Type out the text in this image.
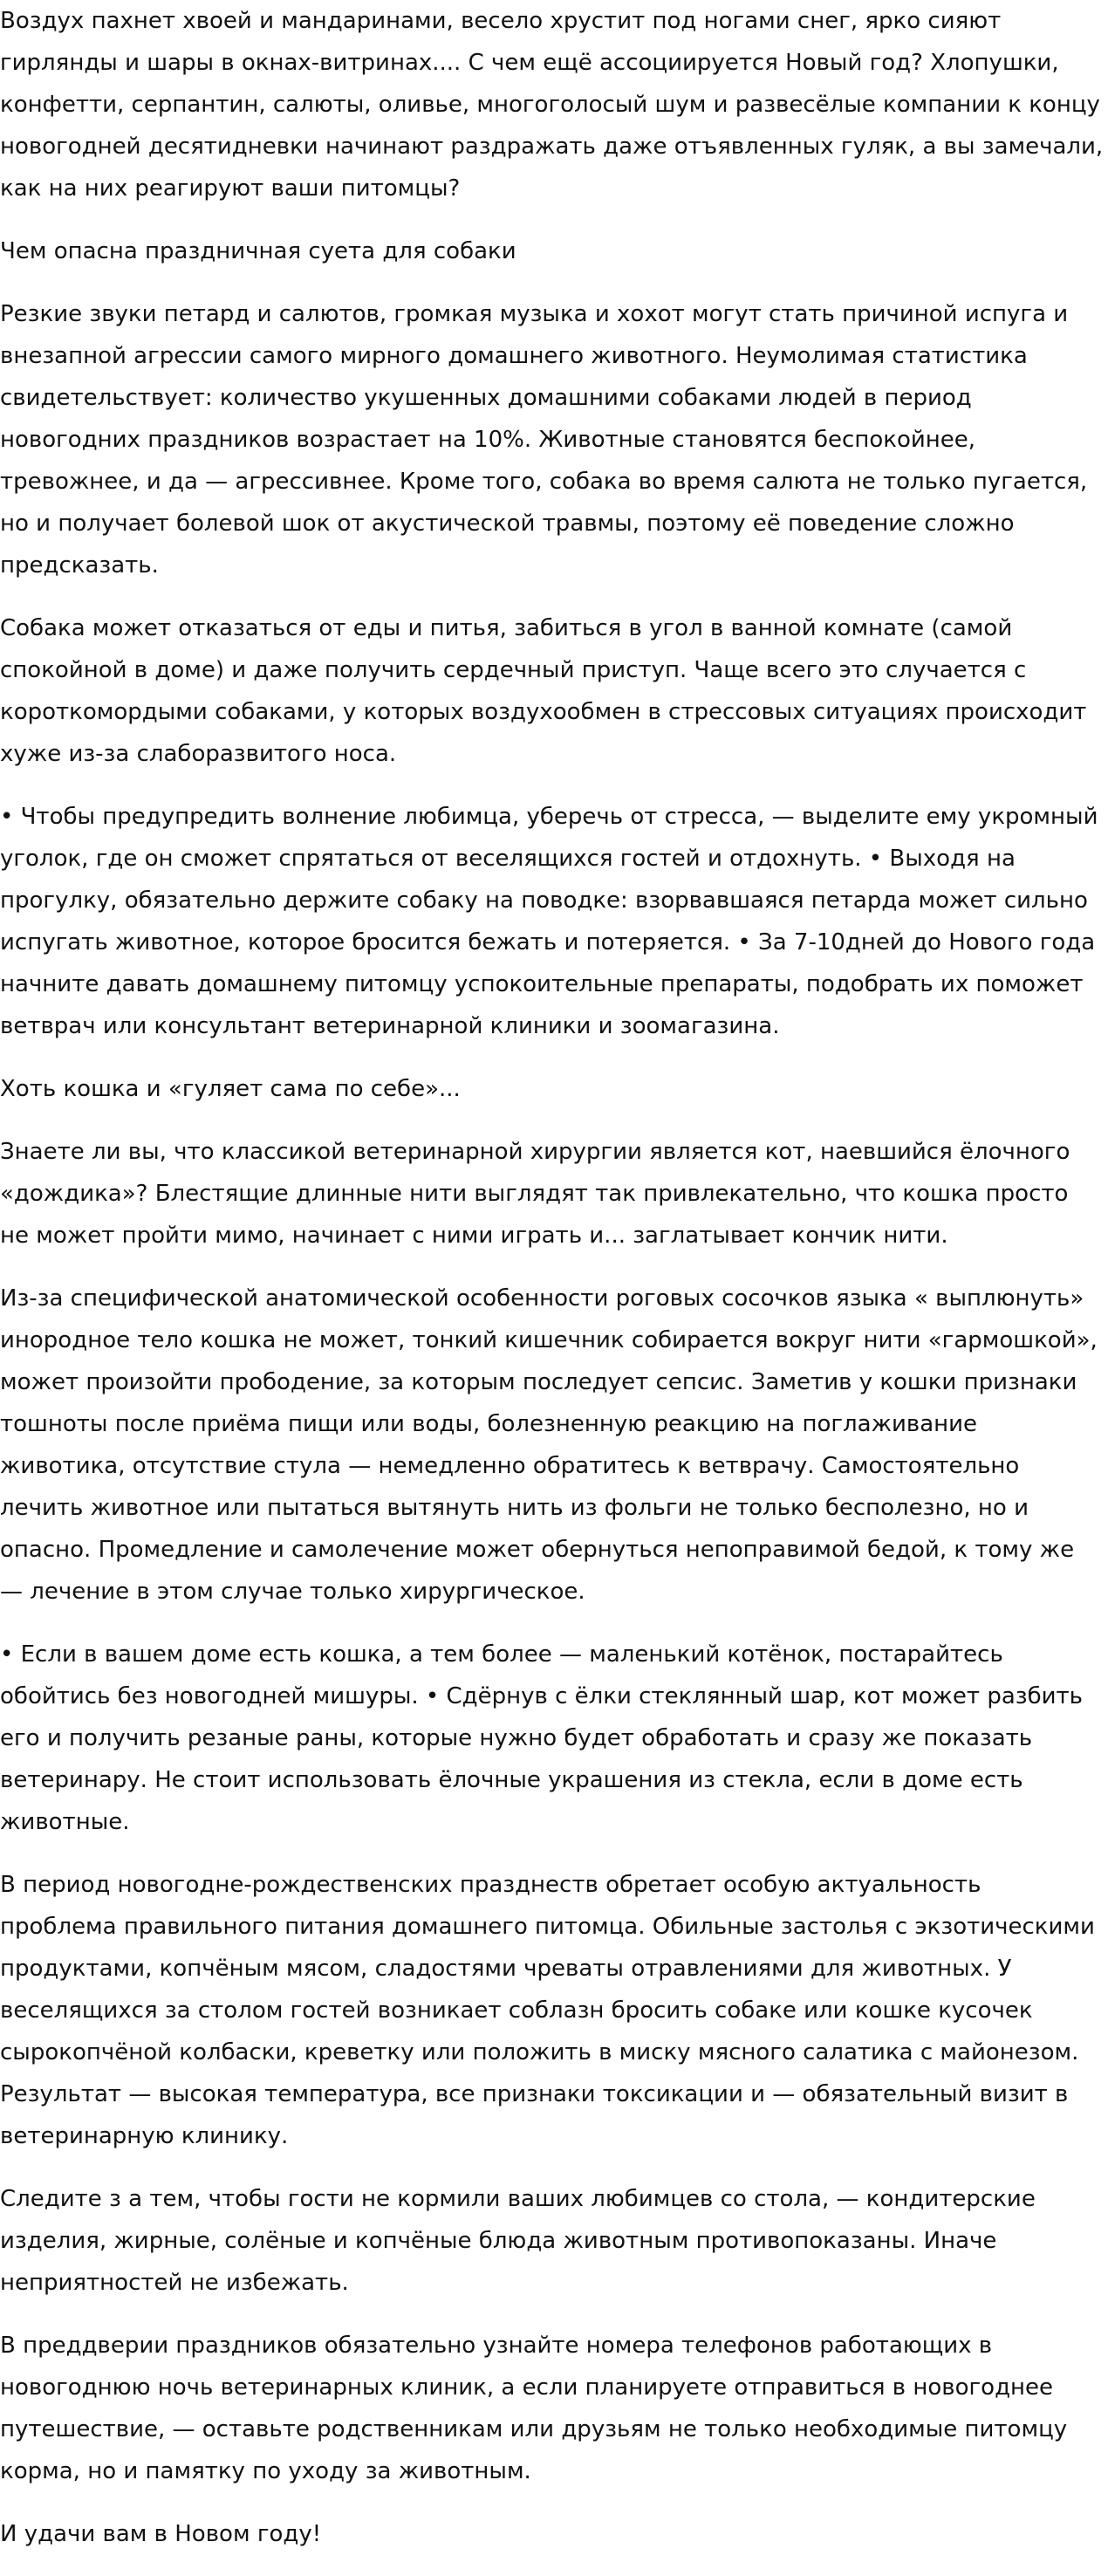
Воздух пахнет хвоей и мандаринами, весело хрустит под ногами снег, ярко сияют гирлянды и шары в окнах-витринах.... С чем ещё ассоциируется Новый год? Хлопушки, конфетти, серпантин, салюты, оливье, многоголосый шум и развесёлые компании к концу новогодней десятидневки начинают раздражать даже отъявленных гуляк, а вы замечали, как на них реагируют ваши питомцы?

Чем опасна праздничная суета для собаки

Резкие звуки петард и салютов, громкая музыка и хохот могут стать причиной испуга и внезапной агрессии самого мирного домашнего животного. Неумолимая статистика свидетельствует: количество укушенных домашними собаками людей в период новогодних праздников возрастает на 10%. Животные становятся беспокойнее, тревожнее, и да — агрессивнее. Кроме того, собака во время салюта не только пугается, но и получает болевой шок от акустической травмы, поэтому её поведение сложно предсказать.

Собака может отказаться от еды и питья, забиться в угол в ванной комнате (самой спокойной в доме) и даже получить сердечный приступ. Чаще всего это случается с короткомордыми собаками, у которых воздухообмен в стрессовых ситуациях происходит хуже из-за слаборазвитого носа.

• Чтобы предупредить волнение любимца, уберечь от стресса, — выделите ему укромный уголок, где он сможет спрятаться от веселящихся гостей и отдохнуть. • Выходя на прогулку, обязательно держите собаку на поводке: взорвавшаяся петарда может сильно испугать животное, которое бросится бежать и потеряется. • За 7-10дней до Нового года начните давать домашнему питомцу успокоительные препараты, подобрать их поможет ветврач или консультант ветеринарной клиники и зоомагазина.

Хоть кошка и «гуляет сама по себе»...

Знаете ли вы, что классикой ветеринарной хирургии является кот, наевшийся ёлочного «дождика»? Блестящие длинные нити выглядят так привлекательно, что кошка просто не может пройти мимо, начинает с ними играть и... заглатывает кончик нити.

Из-за специфической анатомической особенности роговых сосочков языка « выплюнуть» инородное тело кошка не может, тонкий кишечник собирается вокруг нити «гармошкой», может произойти прободение, за которым последует сепсис. Заметив у кошки признаки тошноты после приёма пищи или воды, болезненную реакцию на поглаживание животика, отсутствие стула — немедленно обратитесь к ветврачу. Самостоятельно лечить животное или пытаться вытянуть нить из фольги не только бесполезно, но и опасно. Промедление и самолечение может обернуться непоправимой бедой, к тому же — лечение в этом случае только хирургическое.

• Если в вашем доме есть кошка, а тем более — маленький котёнок, постарайтесь обойтись без новогодней мишуры. • Сдёрнув с ёлки стеклянный шар, кот может разбить его и получить резаные раны, которые нужно будет обработать и сразу же показать ветеринару. Не стоит использовать ёлочные украшения из стекла, если в доме есть животные.

В период новогодне-рождественских празднеств обретает особую актуальность проблема правильного питания домашнего питомца. Обильные застолья с экзотическими продуктами, копчёным мясом, сладостями чреваты отравлениями для животных. У веселящихся за столом гостей возникает соблазн бросить собаке или кошке кусочек сырокопчёной колбаски, креветку или положить в миску мясного салатика с майонезом. Результат — высокая температура, все признаки токсикации и — обязательный визит в ветеринарную клинику.

Следите з а тем, чтобы гости не кормили ваших любимцев со стола, — кондитерские изделия, жирные, солёные и копчёные блюда животным противопоказаны. Иначе неприятностей не избежать.

В преддверии праздников обязательно узнайте номера телефонов работающих в новогоднюю ночь ветеринарных клиник, а если планируете отправиться в новогоднее путешествие, — оставьте родственникам или друзьям не только необходимые питомцу корма, но и памятку по уходу за животным.

И удачи вам в Новом году!
